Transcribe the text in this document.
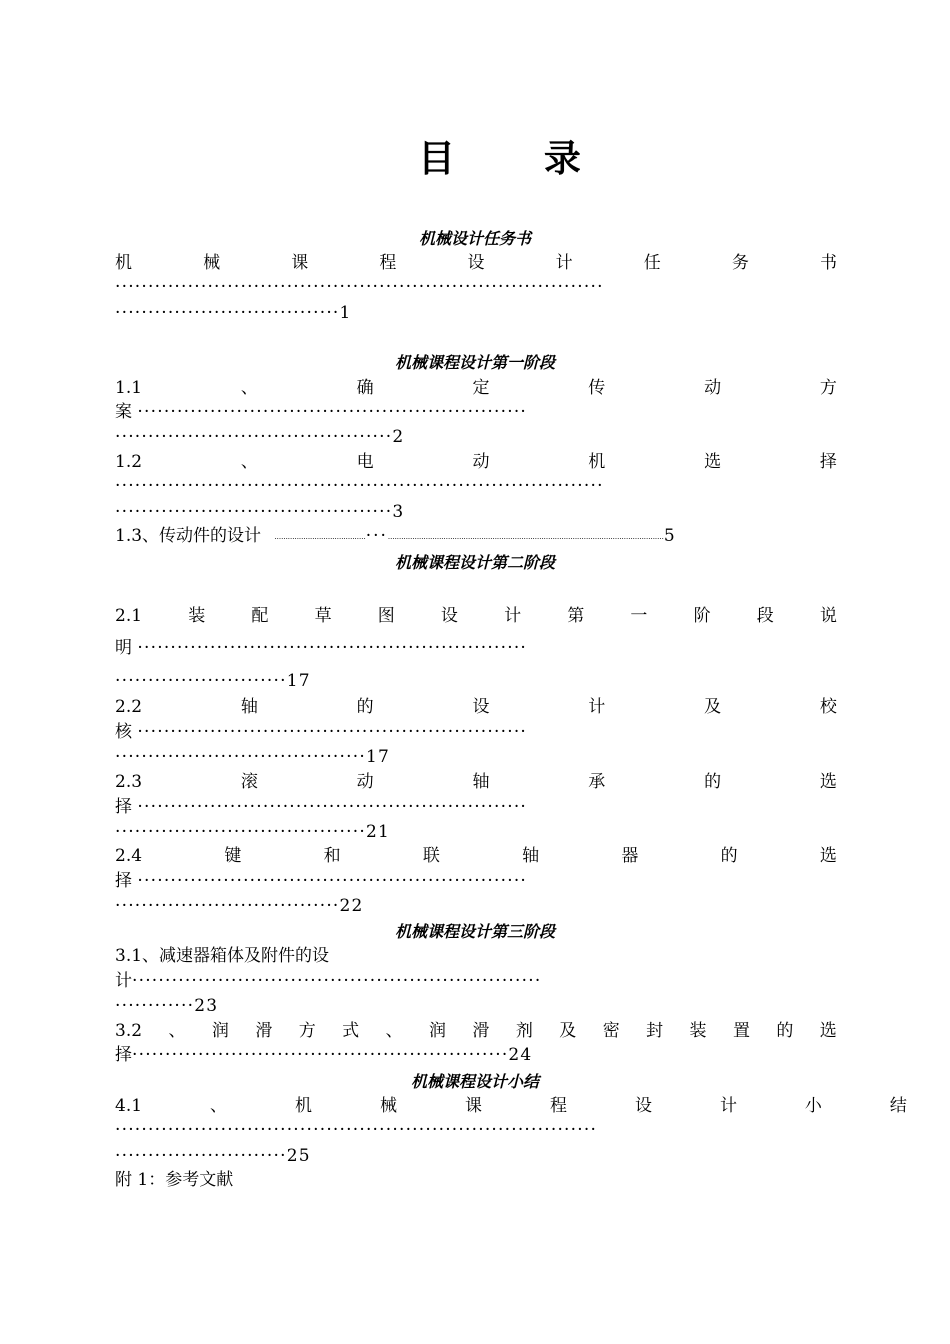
目 录
机械设计任务书
机	械	课	程	设	计	任	务	书
··········································································
··································1
机械课程设计第一阶段
1.1	、	确	定	传	动	方
案 ···························································
··········································2
1.2	、	电	动	机	选	择
··········································································
··········································3
1.3、传动件的设计 ········································································································································································5
机械课程设计第二阶段
2.1	装	配	草	图	设	计	第	一	阶	段	说
明 ···························································
··························17
2.2	轴	的	设	计	及	校
核 ···························································
······································17
2.3	滚	动	轴	承	的	选
择 ···························································
······································21
2.4	键	和	联	轴	器	的	选
择 ···························································
··································22
机械课程设计第三阶段
3.1、减速器箱体及附件的设
计······························································
············23
3.2 、 润 滑 方 式 、 润 滑 剂 及 密 封 装 置 的 选
择·························································24
机械课程设计小结
4.1	、	机	械	课	程	设	计	小	结
·········································································
··························25
附 1：参考文献
